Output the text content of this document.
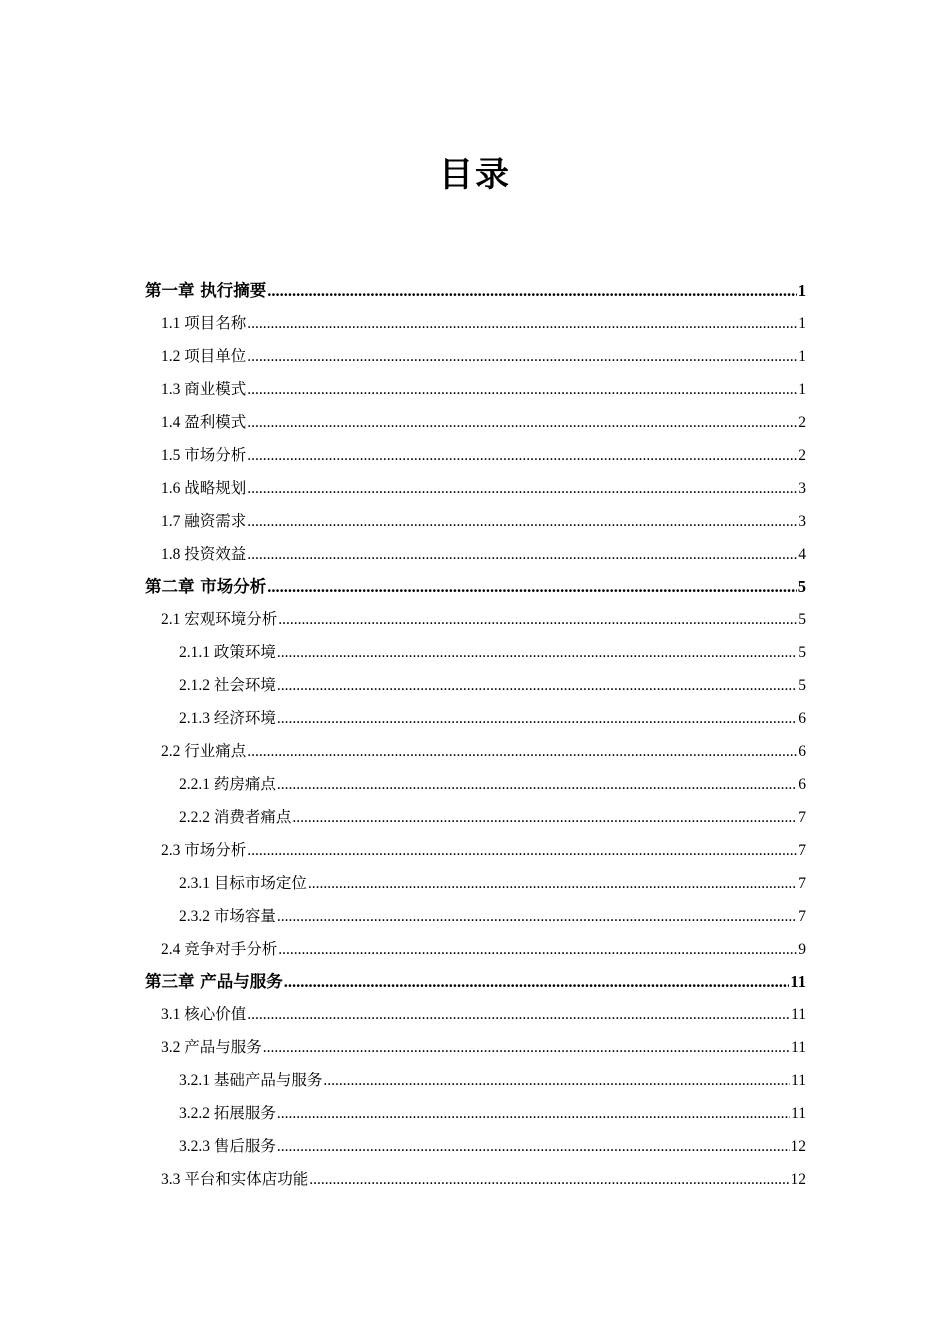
目录
第一章 执行摘要 .....	1
1.1 项目名称 .....	1
1.2 项目单位 .....	1
1.3 商业模式 .....	1
1.4 盈利模式 .....	2
1.5 市场分析 .....	2
1.6 战略规划 .....	3
1.7 融资需求 .....	3
1.8 投资效益 .....	4
第二章 市场分析 .....	5
2.1 宏观环境分析 .....	5
2.1.1 政策环境 .....	5
2.1.2 社会环境 .....	5
2.1.3 经济环境 .....	6
2.2 行业痛点 .....	6
2.2.1 药房痛点 .....	6
2.2.2 消费者痛点 .....	7
2.3 市场分析 .....	7
2.3.1 目标市场定位 .....	7
2.3.2 市场容量 .....	7
2.4 竞争对手分析 .....	9
第三章 产品与服务 .....	11
3.1 核心价值 .....	11
3.2 产品与服务 .....	11
3.2.1 基础产品与服务 .....	11
3.2.2 拓展服务 .....	11
3.2.3 售后服务 .....	12
3.3 平台和实体店功能 .....	12
